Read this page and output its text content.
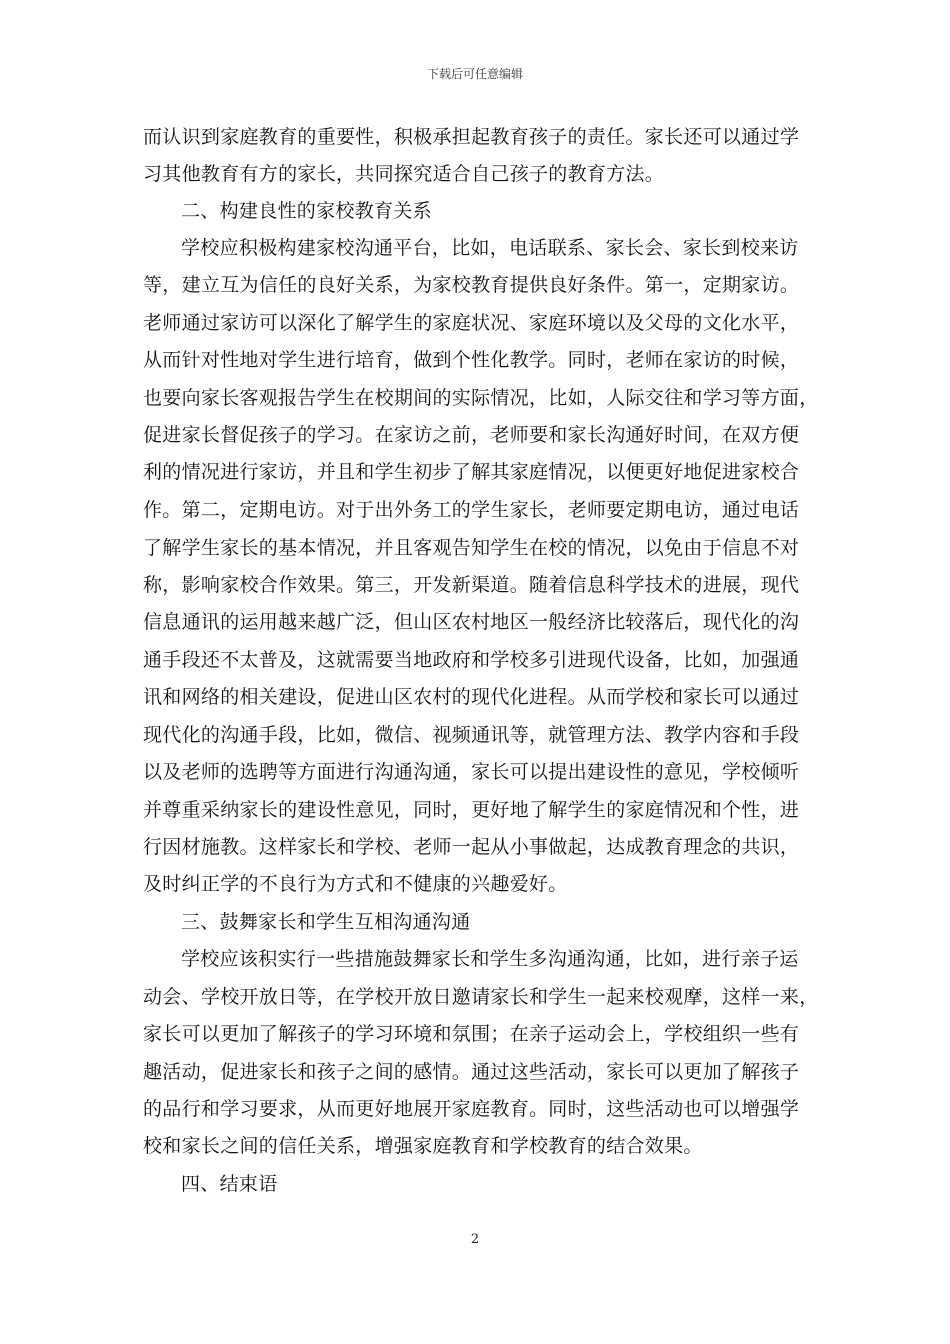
下载后可任意编辑
而认识到家庭教育的重要性，积极承担起教育孩子的责任。家长还可以通过学
习其他教育有方的家长，共同探究适合自己孩子的教育方法。
二、构建良性的家校教育关系
学校应积极构建家校沟通平台，比如，电话联系、家长会、家长到校来访
等，建立互为信任的良好关系，为家校教育提供良好条件。第一，定期家访。
老师通过家访可以深化了解学生的家庭状况、家庭环境以及父母的文化水平，
从而针对性地对学生进行培育，做到个性化教学。同时，老师在家访的时候，
也要向家长客观报告学生在校期间的实际情况，比如，人际交往和学习等方面，
促进家长督促孩子的学习。在家访之前，老师要和家长沟通好时间，在双方便
利的情况进行家访，并且和学生初步了解其家庭情况，以便更好地促进家校合
作。第二，定期电访。对于出外务工的学生家长，老师要定期电访，通过电话
了解学生家长的基本情况，并且客观告知学生在校的情况，以免由于信息不对
称，影响家校合作效果。第三，开发新渠道。随着信息科学技术的进展，现代
信息通讯的运用越来越广泛，但山区农村地区一般经济比较落后，现代化的沟
通手段还不太普及，这就需要当地政府和学校多引进现代设备，比如，加强通
讯和网络的相关建设，促进山区农村的现代化进程。从而学校和家长可以通过
现代化的沟通手段，比如，微信、视频通讯等，就管理方法、教学内容和手段
以及老师的选聘等方面进行沟通沟通，家长可以提出建设性的意见，学校倾听
并尊重采纳家长的建设性意见，同时，更好地了解学生的家庭情况和个性，进
行因材施教。这样家长和学校、老师一起从小事做起，达成教育理念的共识，
及时纠正学的不良行为方式和不健康的兴趣爱好。
三、鼓舞家长和学生互相沟通沟通
学校应该积实行一些措施鼓舞家长和学生多沟通沟通，比如，进行亲子运
动会、学校开放日等，在学校开放日邀请家长和学生一起来校观摩，这样一来，
家长可以更加了解孩子的学习环境和氛围；在亲子运动会上，学校组织一些有
趣活动，促进家长和孩子之间的感情。通过这些活动，家长可以更加了解孩子
的品行和学习要求，从而更好地展开家庭教育。同时，这些活动也可以增强学
校和家长之间的信任关系，增强家庭教育和学校教育的结合效果。
四、结束语
2
